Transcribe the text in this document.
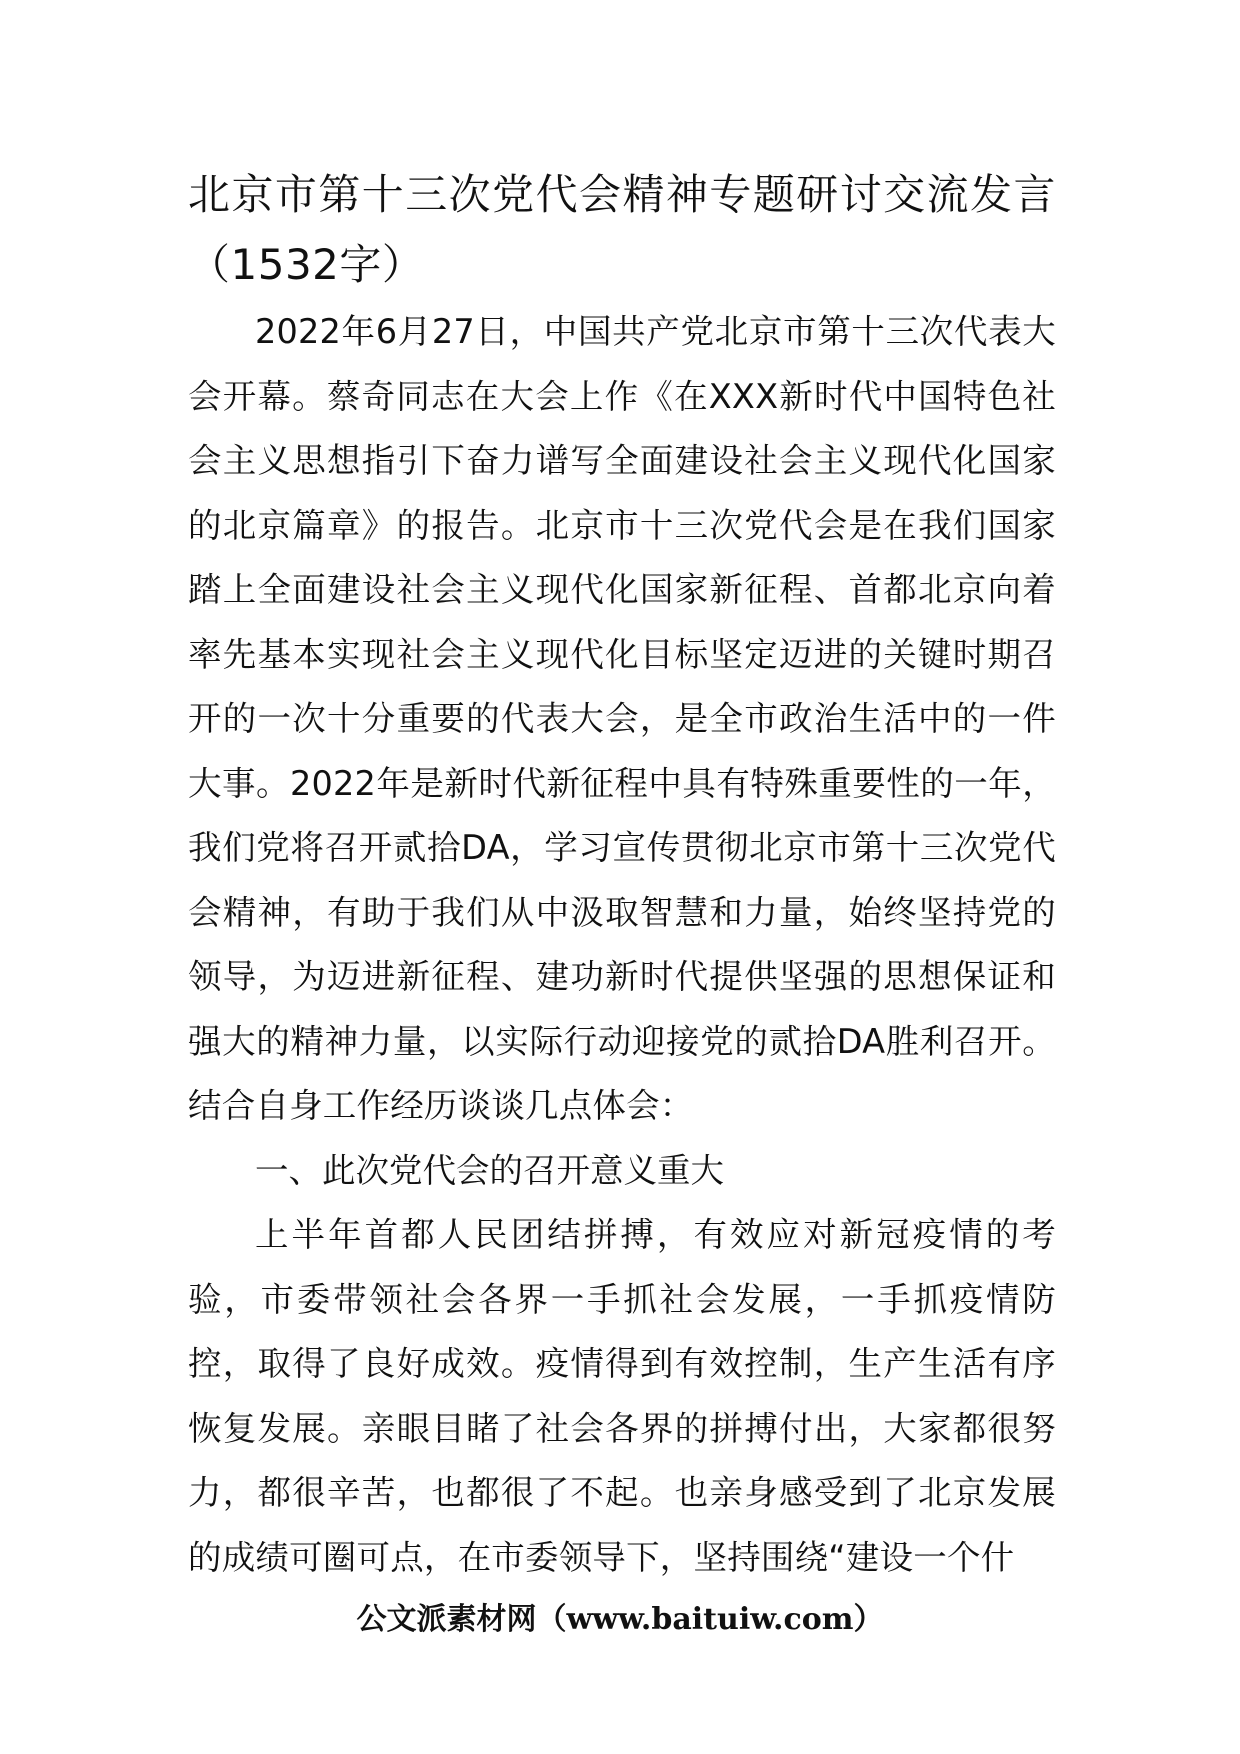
北京市第十三次党代会精神专题研讨交流发言（1532字）

2022年6月27日，中国共产党北京市第十三次代表大会开幕。蔡奇同志在大会上作《在XXX新时代中国特色社会主义思想指引下奋力谱写全面建设社会主义现代化国家的北京篇章》的报告。北京市十三次党代会是在我们国家踏上全面建设社会主义现代化国家新征程、首都北京向着率先基本实现社会主义现代化目标坚定迈进的关键时期召开的一次十分重要的代表大会，是全市政治生活中的一件大事。2022年是新时代新征程中具有特殊重要性的一年，我们党将召开贰拾DA，学习宣传贯彻北京市第十三次党代会精神，有助于我们从中汲取智慧和力量，始终坚持党的领导，为迈进新征程、建功新时代提供坚强的思想保证和强大的精神力量，以实际行动迎接党的贰拾DA胜利召开。结合自身工作经历谈谈几点体会：

一、此次党代会的召开意义重大

上半年首都人民团结拼搏，有效应对新冠疫情的考验，市委带领社会各界一手抓社会发展，一手抓疫情防控，取得了良好成效。疫情得到有效控制，生产生活有序恢复发展。亲眼目睹了社会各界的拼搏付出，大家都很努力，都很辛苦，也都很了不起。也亲身感受到了北京发展的成绩可圈可点，在市委领导下，坚持围绕“建设一个什

公文派素材网（www.baituiw.com）
